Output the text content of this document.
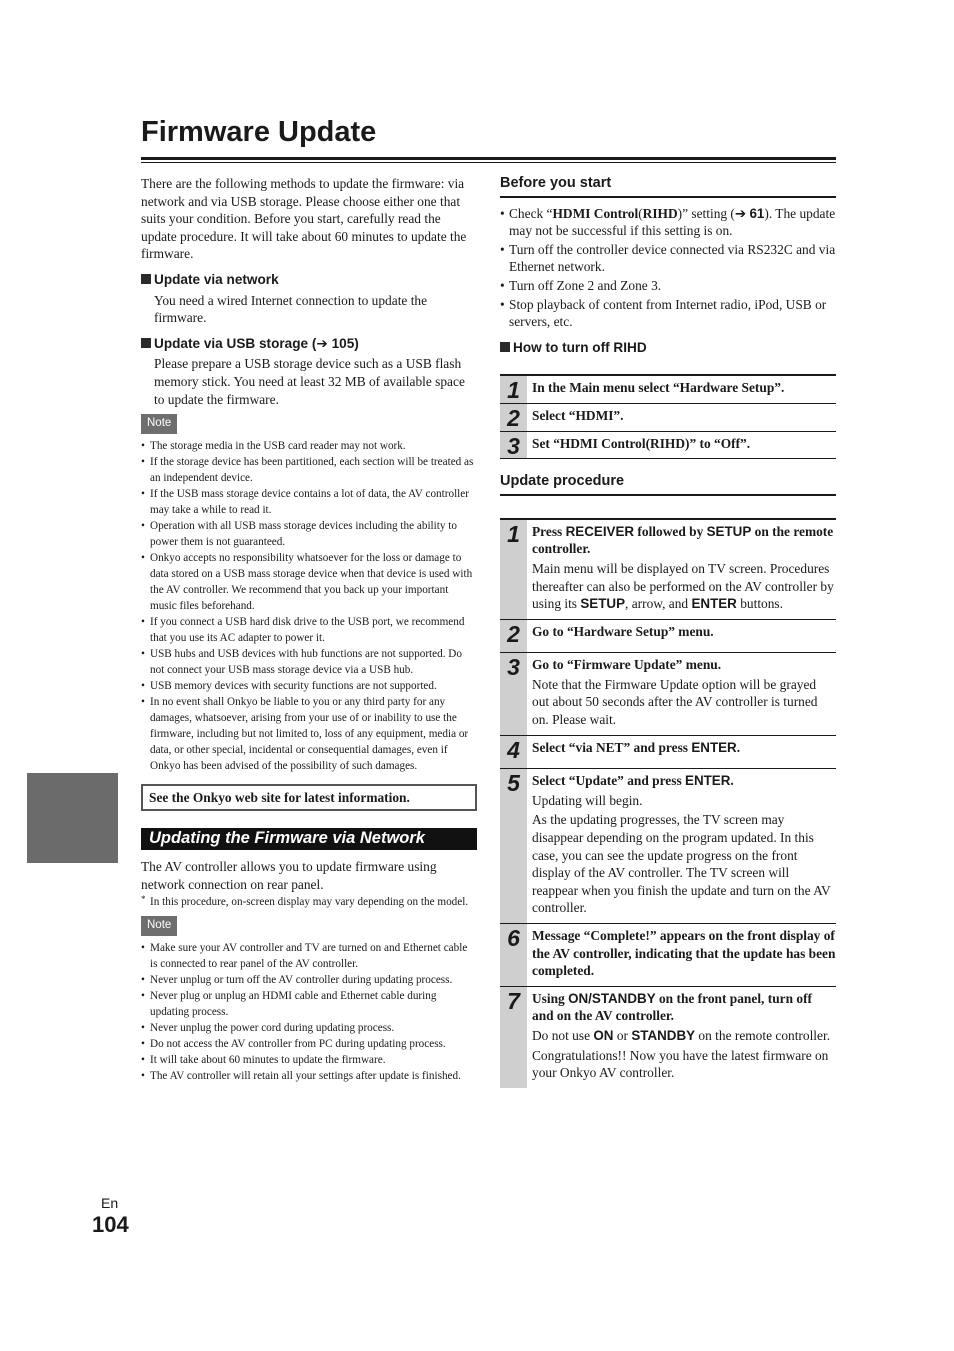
Firmware Update

There are the following methods to update the firmware: via network and via USB storage. Please choose either one that suits your condition. Before you start, carefully read the update procedure. It will take about 60 minutes to update the firmware.

Update via network

You need a wired Internet connection to update the firmware.

Update via USB storage (➔ 105)

Please prepare a USB storage device such as a USB flash memory stick. You need at least 32 MB of available space to update the firmware.

Note
• The storage media in the USB card reader may not work.
• If the storage device has been partitioned, each section will be treated as an independent device.
• If the USB mass storage device contains a lot of data, the AV controller may take a while to read it.
• Operation with all USB mass storage devices including the ability to power them is not guaranteed.
• Onkyo accepts no responsibility whatsoever for the loss or damage to data stored on a USB mass storage device when that device is used with the AV controller. We recommend that you back up your important music files beforehand.
• If you connect a USB hard disk drive to the USB port, we recommend that you use its AC adapter to power it.
• USB hubs and USB devices with hub functions are not supported. Do not connect your USB mass storage device via a USB hub.
• USB memory devices with security functions are not supported.
• In no event shall Onkyo be liable to you or any third party for any damages, whatsoever, arising from your use of or inability to use the firmware, including but not limited to, loss of any equipment, media or data, or other special, incidental or consequential damages, even if Onkyo has been advised of the possibility of such damages.
See the Onkyo web site for latest information.
Updating the Firmware via Network

The AV controller allows you to update firmware using network connection on rear panel.

* In this procedure, on-screen display may vary depending on the model.
Note
• Make sure your AV controller and TV are turned on and Ethernet cable is connected to rear panel of the AV controller.
• Never unplug or turn off the AV controller during updating process.
• Never plug or unplug an HDMI cable and Ethernet cable during updating process.
• Never unplug the power cord during updating process.
• Do not access the AV controller from PC during updating process.
• It will take about 60 minutes to update the firmware.
• The AV controller will retain all your settings after update is finished.
Before you start
• Check “HDMI Control(RIHD)” setting (➔ 61). The update may not be successful if this setting is on.
• Turn off the controller device connected via RS232C and via Ethernet network.
• Turn off Zone 2 and Zone 3.
• Stop playback of content from Internet radio, iPod, USB or servers, etc.
How to turn off RIHD
1 In the Main menu select “Hardware Setup”.
2 Select “HDMI”.
3 Set “HDMI Control(RIHD)” to “Off”.
Update procedure
1 Press RECEIVER followed by SETUP on the remote controller.
Main menu will be displayed on TV screen. Procedures thereafter can also be performed on the AV controller by using its SETUP, arrow, and ENTER buttons.
2 Go to “Hardware Setup” menu.
3 Go to “Firmware Update” menu.
Note that the Firmware Update option will be grayed out about 50 seconds after the AV controller is turned on. Please wait.
4 Select “via NET” and press ENTER.
5 Select “Update” and press ENTER.
Updating will begin.
As the updating progresses, the TV screen may disappear depending on the program updated. In this case, you can see the update progress on the front display of the AV controller. The TV screen will reappear when you finish the update and turn on the AV controller.
6 Message “Complete!” appears on the front display of the AV controller, indicating that the update has been completed.
7 Using ON/STANDBY on the front panel, turn off and on the AV controller.
Do not use ON or STANDBY on the remote controller.
Congratulations!! Now you have the latest firmware on your Onkyo AV controller.
En
104
